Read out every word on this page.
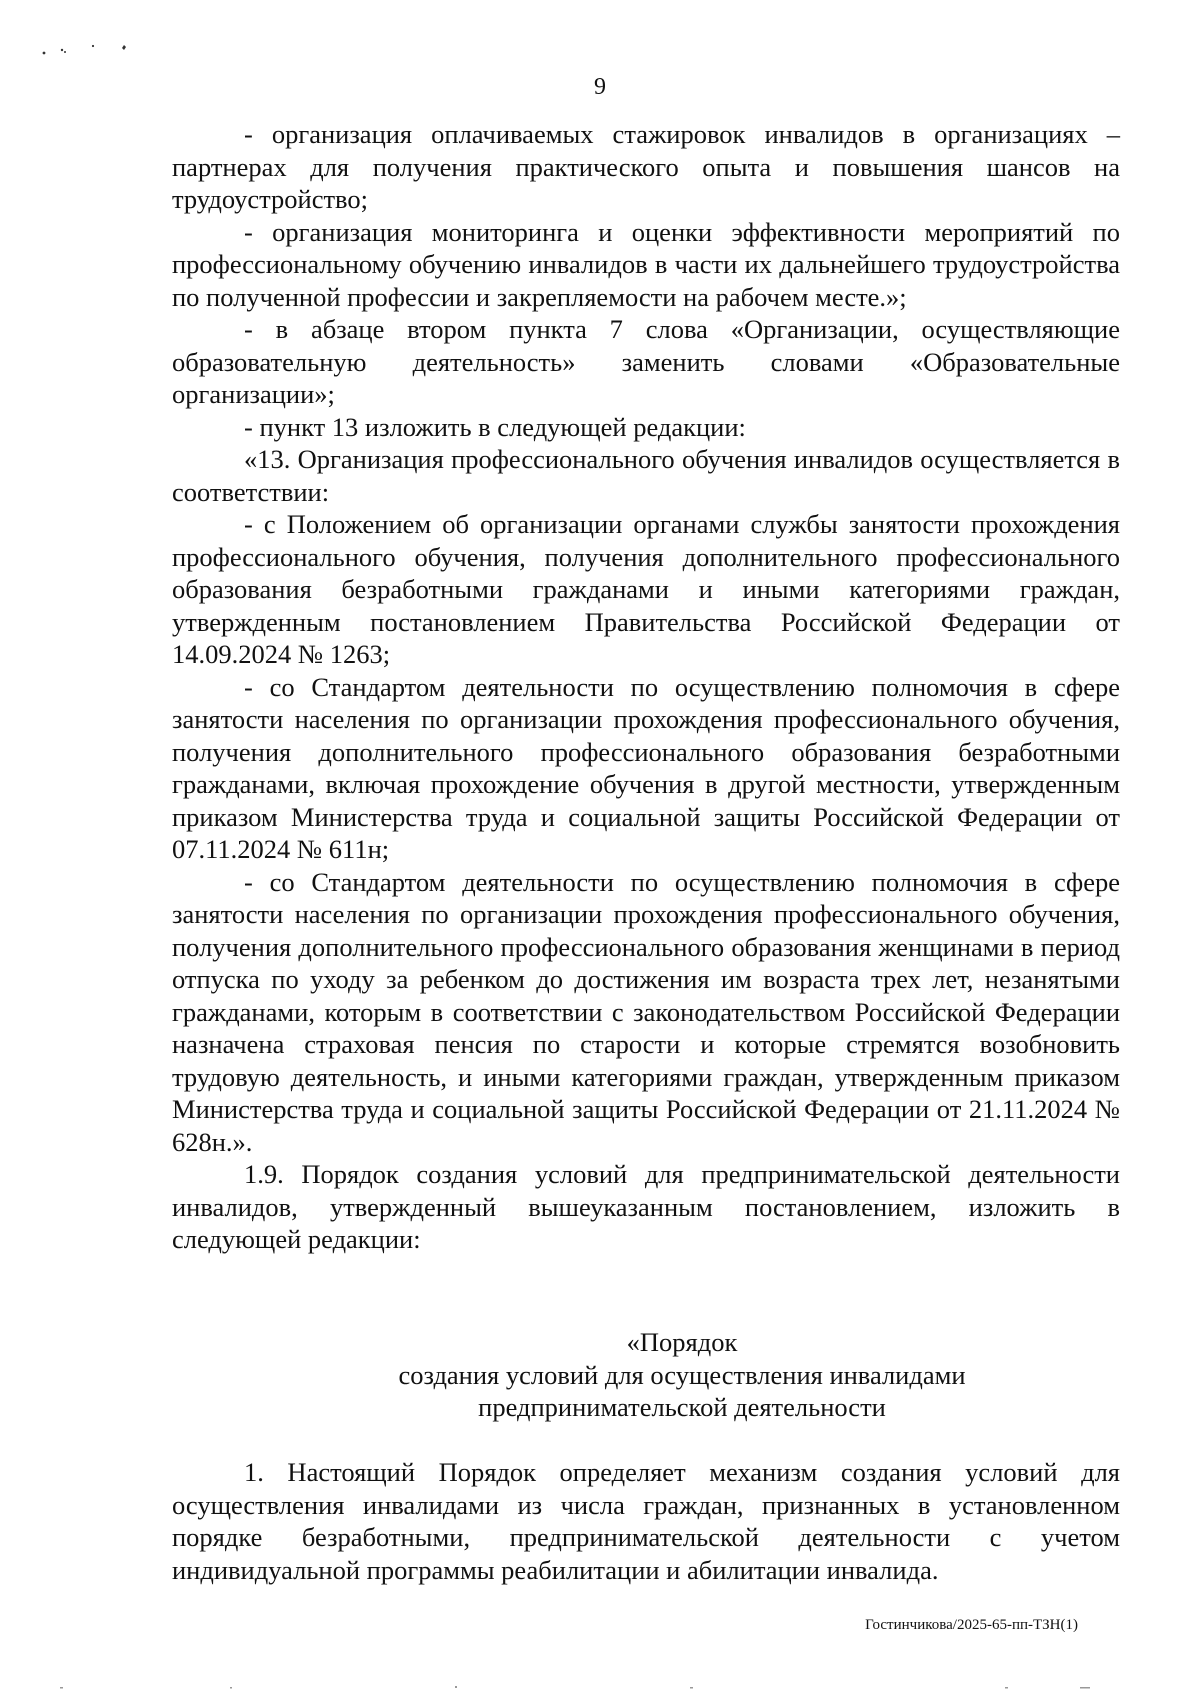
9

- организация оплачиваемых стажировок инвалидов в организациях – партнерах для получения практического опыта и повышения шансов на трудоустройство;

- организация мониторинга и оценки эффективности мероприятий по профессиональному обучению инвалидов в части их дальнейшего трудоустройства по полученной профессии и закрепляемости на рабочем месте.»;

- в абзаце втором пункта 7 слова «Организации, осуществляющие образовательную деятельность» заменить словами «Образовательные организации»;

- пункт 13 изложить в следующей редакции:

«13. Организация профессионального обучения инвалидов осуществляется в соответствии:

- с Положением об организации органами службы занятости прохождения профессионального обучения, получения дополнительного профессионального образования безработными гражданами и иными категориями граждан, утвержденным постановлением Правительства Российской Федерации от 14.09.2024 № 1263;

- со Стандартом деятельности по осуществлению полномочия в сфере занятости населения по организации прохождения профессионального обучения, получения дополнительного профессионального образования безработными гражданами, включая прохождение обучения в другой местности, утвержденным приказом Министерства труда и социальной защиты Российской Федерации от 07.11.2024 № 611н;

- со Стандартом деятельности по осуществлению полномочия в сфере занятости населения по организации прохождения профессионального обучения, получения дополнительного профессионального образования женщинами в период отпуска по уходу за ребенком до достижения им возраста трех лет, незанятыми гражданами, которым в соответствии с законодательством Российской Федерации назначена страховая пенсия по старости и которые стремятся возобновить трудовую деятельность, и иными категориями граждан, утвержденным приказом Министерства труда и социальной защиты Российской Федерации от 21.11.2024 № 628н.».

1.9. Порядок создания условий для предпринимательской деятельности инвалидов, утвержденный вышеуказанным постановлением, изложить в следующей редакции:

«Порядок
создания условий для осуществления инвалидами
предпринимательской деятельности

1. Настоящий Порядок определяет механизм создания условий для осуществления инвалидами из числа граждан, признанных в установленном порядке безработными, предпринимательской деятельности с учетом индивидуальной программы реабилитации и абилитации инвалида.

Гостинчикова/2025-65-пп-ТЗН(1)
